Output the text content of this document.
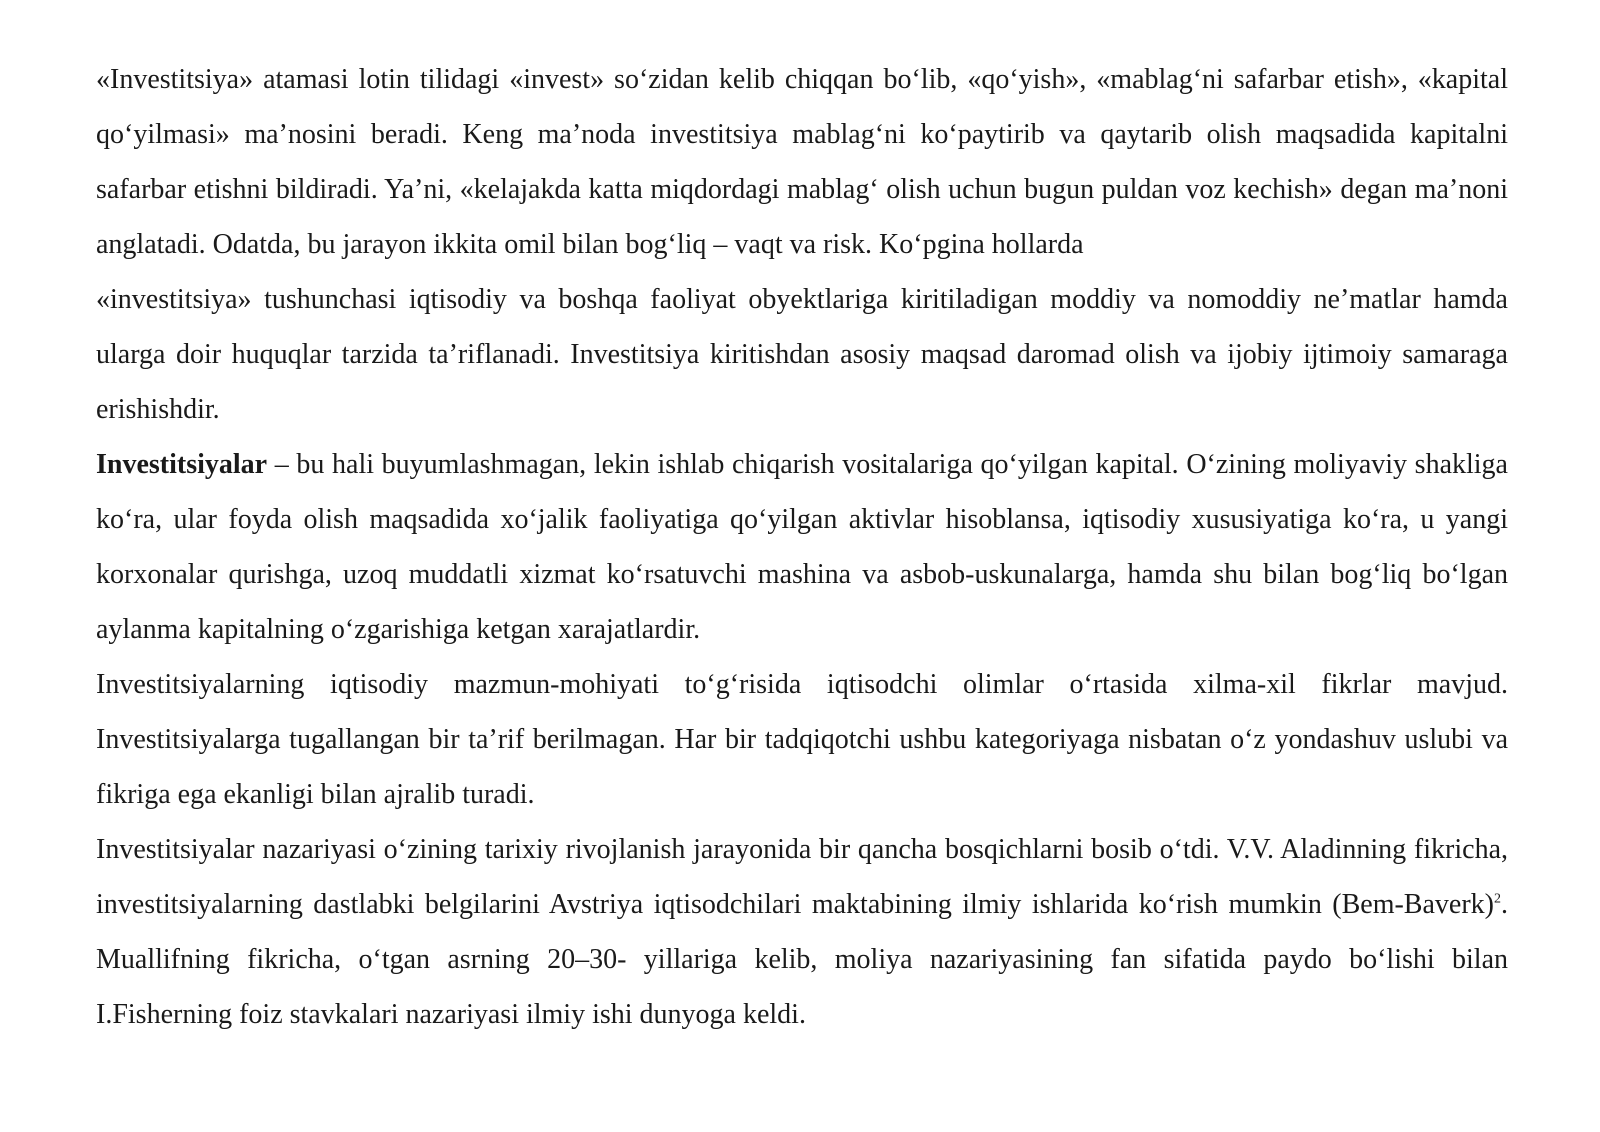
«Investitsiya» atamasi lotin tilidagi «invest» so‘zidan kelib chiqqan bo‘lib, «qo‘yish», «mablag‘ni safarbar etish», «kapital qo‘yilmasi» ma’nosini beradi. Keng ma’noda investitsiya mablag‘ni ko‘paytirib va qaytarib olish maqsadida kapitalni safarbar etishni bildiradi. Ya’ni, «kelajakda katta miqdordagi mablag‘ olish uchun bugun puldan voz kechish» degan ma’noni anglatadi. Odatda, bu jarayon ikkita omil bilan bog‘liq – vaqt va risk. Ko‘pgina hollarda

«investitsiya» tushunchasi iqtisodiy va boshqa faoliyat obyektlariga kiritiladigan moddiy va nomoddiy ne’matlar hamda ularga doir huquqlar tarzida ta’riflanadi. Investitsiya kiritishdan asosiy maqsad daromad olish va ijobiy ijtimoiy samaraga erishishdir.

Investitsiyalar – bu hali buyumlashmagan, lekin ishlab chiqarish vositalariga qo‘yilgan kapital. O‘zining moliyaviy shakliga ko‘ra, ular foyda olish maqsadida xo‘jalik faoliyatiga qo‘yilgan aktivlar hisoblansa, iqtisodiy xususiyatiga ko‘ra, u yangi korxonalar qurishga, uzoq muddatli xizmat ko‘rsatuvchi mashina va asbob-uskunalarga, hamda shu bilan bog‘liq bo‘lgan aylanma kapitalning o‘zgarishiga ketgan xarajatlardir.

Investitsiyalarning iqtisodiy mazmun-mohiyati to‘g‘risida iqtisodchi olimlar o‘rtasida xilma-xil fikrlar mavjud. Investitsiyalarga tugallangan bir ta’rif berilmagan. Har bir tadqiqotchi ushbu kategoriyaga nisbatan o‘z yondashuv uslubi va fikriga ega ekanligi bilan ajralib turadi.

Investitsiyalar nazariyasi o‘zining tarixiy rivojlanish jarayonida bir qancha bosqichlarni bosib o‘tdi. V.V. Aladinning fikricha, investitsiyalarning dastlabki belgilarini Avstriya iqtisodchilari maktabining ilmiy ishlarida ko‘rish mumkin (Bem-Baverk)$^2$. Muallifning fikricha, o‘tgan asrning 20–30- yillariga kelib, moliya nazariyasining fan sifatida paydo bo‘lishi bilan I.Fisherning foiz stavkalari nazariyasi ilmiy ishi dunyoga keldi.
